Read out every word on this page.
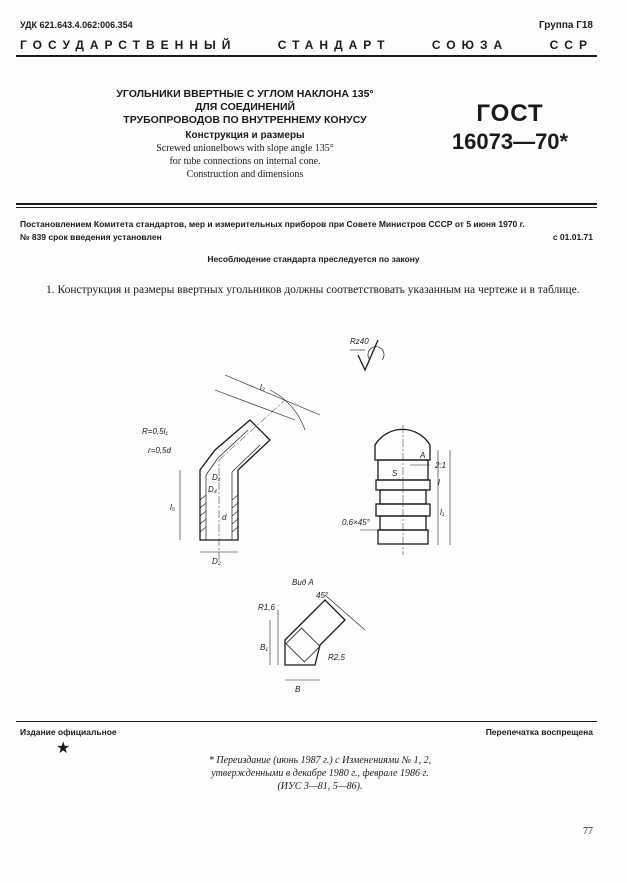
УДК 621.643.4.062:006.354	Группа Г18
ГОСУДАРСТВЕННЫЙ	СТАНДАРТ	СОЮЗА	ССР
УГОЛЬНИКИ ВВЕРТНЫЕ С УГЛОМ НАКЛОНА 135°
ДЛЯ СОЕДИНЕНИЙ
ТРУБОПРОВОДОВ ПО ВНУТРЕННЕМУ КОНУСУ
Конструкция и размеры
Screwed unionelbows with slope angle 135°
for tube connections on internal cone.
Construction and dimensions
ГОСТ
16073—70*
Постановлением Комитета стандартов, мер и измерительных приборов при Совете Министров СССР от 5 июня 1970 г.
№ 839 срок введения установлен	с 01.01.71
Несоблюдение стандарта преследуется по закону
1. Конструкция и размеры ввертных угольников должны соответствовать указанным на чертеже и в таблице.
Rz40
R=0,5l₁
r=0,5d
D₁
D₄
D₂
d
l₅
Вид А
А
R1,6
R2,5
B
B₁
S
0,6×45°
45°
l
l₁
l₂
2:1
Издание официальное	Перепечатка воспрещена
★
* Переиздание (июнь 1987 г.) с Изменениями № 1, 2,
утвержденными в декабре 1980 г., феврале 1986 г.
(ИУС 3—81, 5—86).
77
